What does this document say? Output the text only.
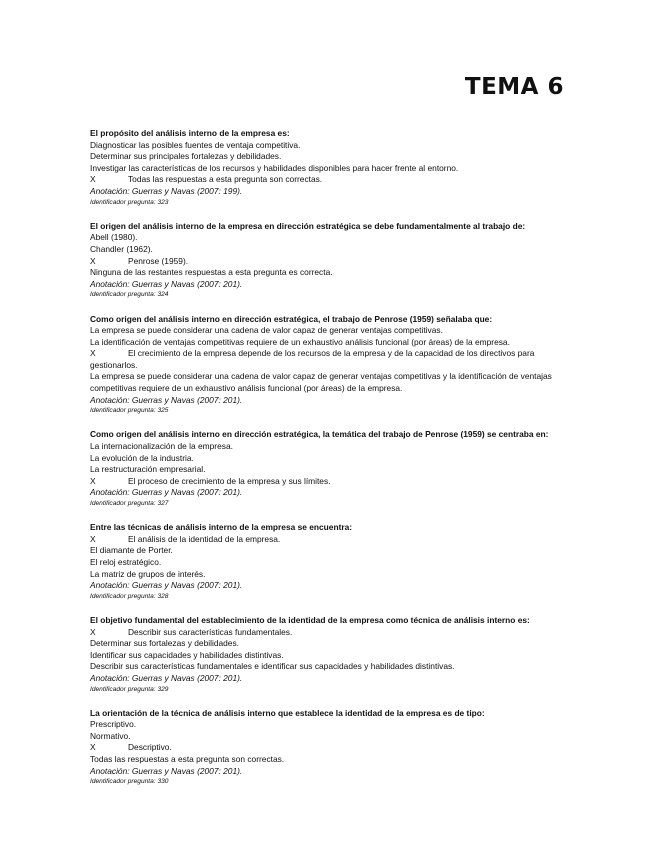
TEMA 6
El propósito del análisis interno de la empresa es:
Diagnosticar las posibles fuentes de ventaja competitiva.
Determinar sus principales fortalezas y debilidades.
Investigar las características de los recursos y habilidades disponibles para hacer frente al entorno.
X	Todas las respuestas a esta pregunta son correctas.
Anotación: Guerras y Navas (2007: 199).
Identificador pregunta: 323
El origen del análisis interno de la empresa en dirección estratégica se debe fundamentalmente al trabajo de:
Abell (1980).
Chandler (1962).
X	Penrose (1959).
Ninguna de las restantes respuestas a esta pregunta es correcta.
Anotación: Guerras y Navas (2007: 201).
Identificador pregunta: 324
Como origen del análisis interno en dirección estratégica, el trabajo de Penrose (1959) señalaba que:
La empresa se puede considerar una cadena de valor capaz de generar ventajas competitivas.
La identificación de ventajas competitivas requiere de un exhaustivo análisis funcional (por áreas) de la empresa.
X	El crecimiento de la empresa depende de los recursos de la empresa y de la capacidad de los directivos para gestionarlos.
La empresa se puede considerar una cadena de valor capaz de generar ventajas competitivas y la identificación de ventajas competitivas requiere de un exhaustivo análisis funcional (por áreas) de la empresa.
Anotación: Guerras y Navas (2007: 201).
Identificador pregunta: 325
Como origen del análisis interno en dirección estratégica, la temática del trabajo de Penrose (1959) se centraba en:
La internacionalización de la empresa.
La evolución de la industria.
La restructuración empresarial.
X	El proceso de crecimiento de la empresa y sus límites.
Anotación: Guerras y Navas (2007: 201).
Identificador pregunta: 327
Entre las técnicas de análisis interno de la empresa se encuentra:
X	El análisis de la identidad de la empresa.
El diamante de Porter.
El reloj estratégico.
La matriz de grupos de interés.
Anotación: Guerras y Navas (2007: 201).
Identificador pregunta: 328
El objetivo fundamental del establecimiento de la identidad de la empresa como técnica de análisis interno es:
X	Describir sus características fundamentales.
Determinar sus fortalezas y debilidades.
Identificar sus capacidades y habilidades distintivas.
Describir sus características fundamentales e identificar sus capacidades y habilidades distintivas.
Anotación: Guerras y Navas (2007: 201).
Identificador pregunta: 329
La orientación de la técnica de análisis interno que establece la identidad de la empresa es de tipo:
Prescriptivo.
Normativo.
X	Descriptivo.
Todas las respuestas a esta pregunta son correctas.
Anotación: Guerras y Navas (2007: 201).
Identificador pregunta: 330
